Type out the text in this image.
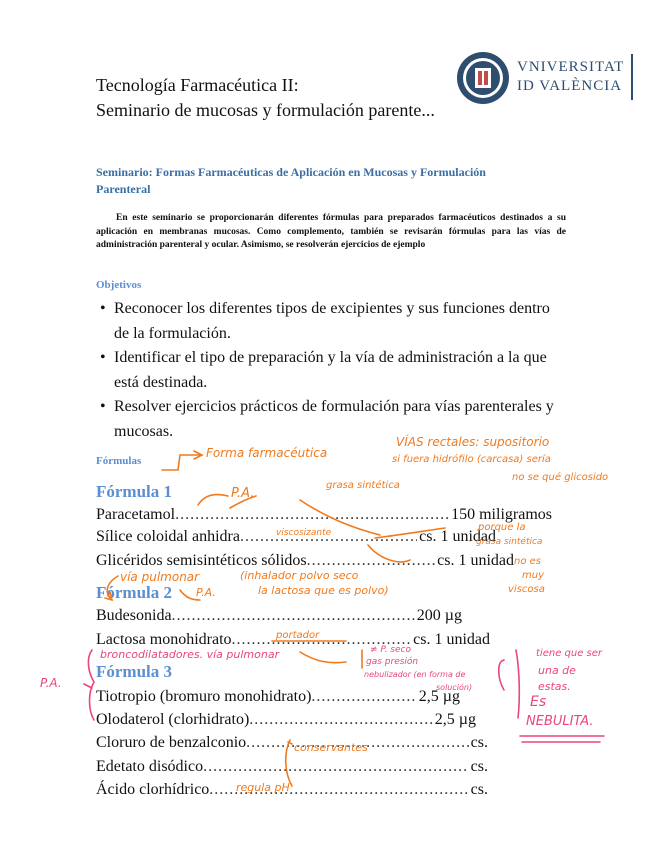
Tecnología Farmacéutica II:
Seminario de mucosas y formulación parente...
VNIVERSITAT
ID VALÈNCIA
Seminario: Formas Farmacéuticas de Aplicación en Mucosas y Formulación Parenteral

En este seminario se proporcionarán diferentes fórmulas para preparados farmacéuticos destinados a su aplicación en membranas mucosas. Como complemento, también se revisarán fórmulas para las vías de administración parenteral y ocular. Asimismo, se resolverán ejercicios de ejemplo

Objetivos
• Reconocer los diferentes tipos de excipientes y sus funciones dentro de la formulación.
• Identificar el tipo de preparación y la vía de administración a la que está destinada.
• Resolver ejercicios prácticos de formulación para vías parenterales y mucosas.
Fórmulas
Fórmula 1
Paracetamol .....	150 miligramos
Sílice coloidal anhidra .....	cs. 1 unidad
Glicéridos semisintéticos sólidos .....	cs. 1 unidad
Fórmula 2
Budesonida .....	200 µg
Lactosa monohidrato .....	cs. 1 unidad
Fórmula 3
Tiotropio (bromuro monohidrato) .....	2,5 µg
Olodaterol (clorhidrato) .....	2,5 µg
Cloruro de benzalconio .....	cs.
Edetato disódico .....	cs.
Ácido clorhídrico .....	cs.
Forma farmacéutica
VÍAS rectales: supositorio
si fuera hidrófilo (carcasa) sería
no se qué glicosido
P.A.
grasa sintética
viscosizante	porque la
grasa sintética
no es
muy
viscosa
vía pulmonar	(inhalador polvo seco
la lactosa que es polvo)
P.A.
portador
broncodilatadores. vía pulmonar	≠ P. seco
gas presión
nebulizador (en forma de
solución)
P.A.
tiene que ser
una de
estas.
Es
NEBULITA.
conservantes
regula pH
